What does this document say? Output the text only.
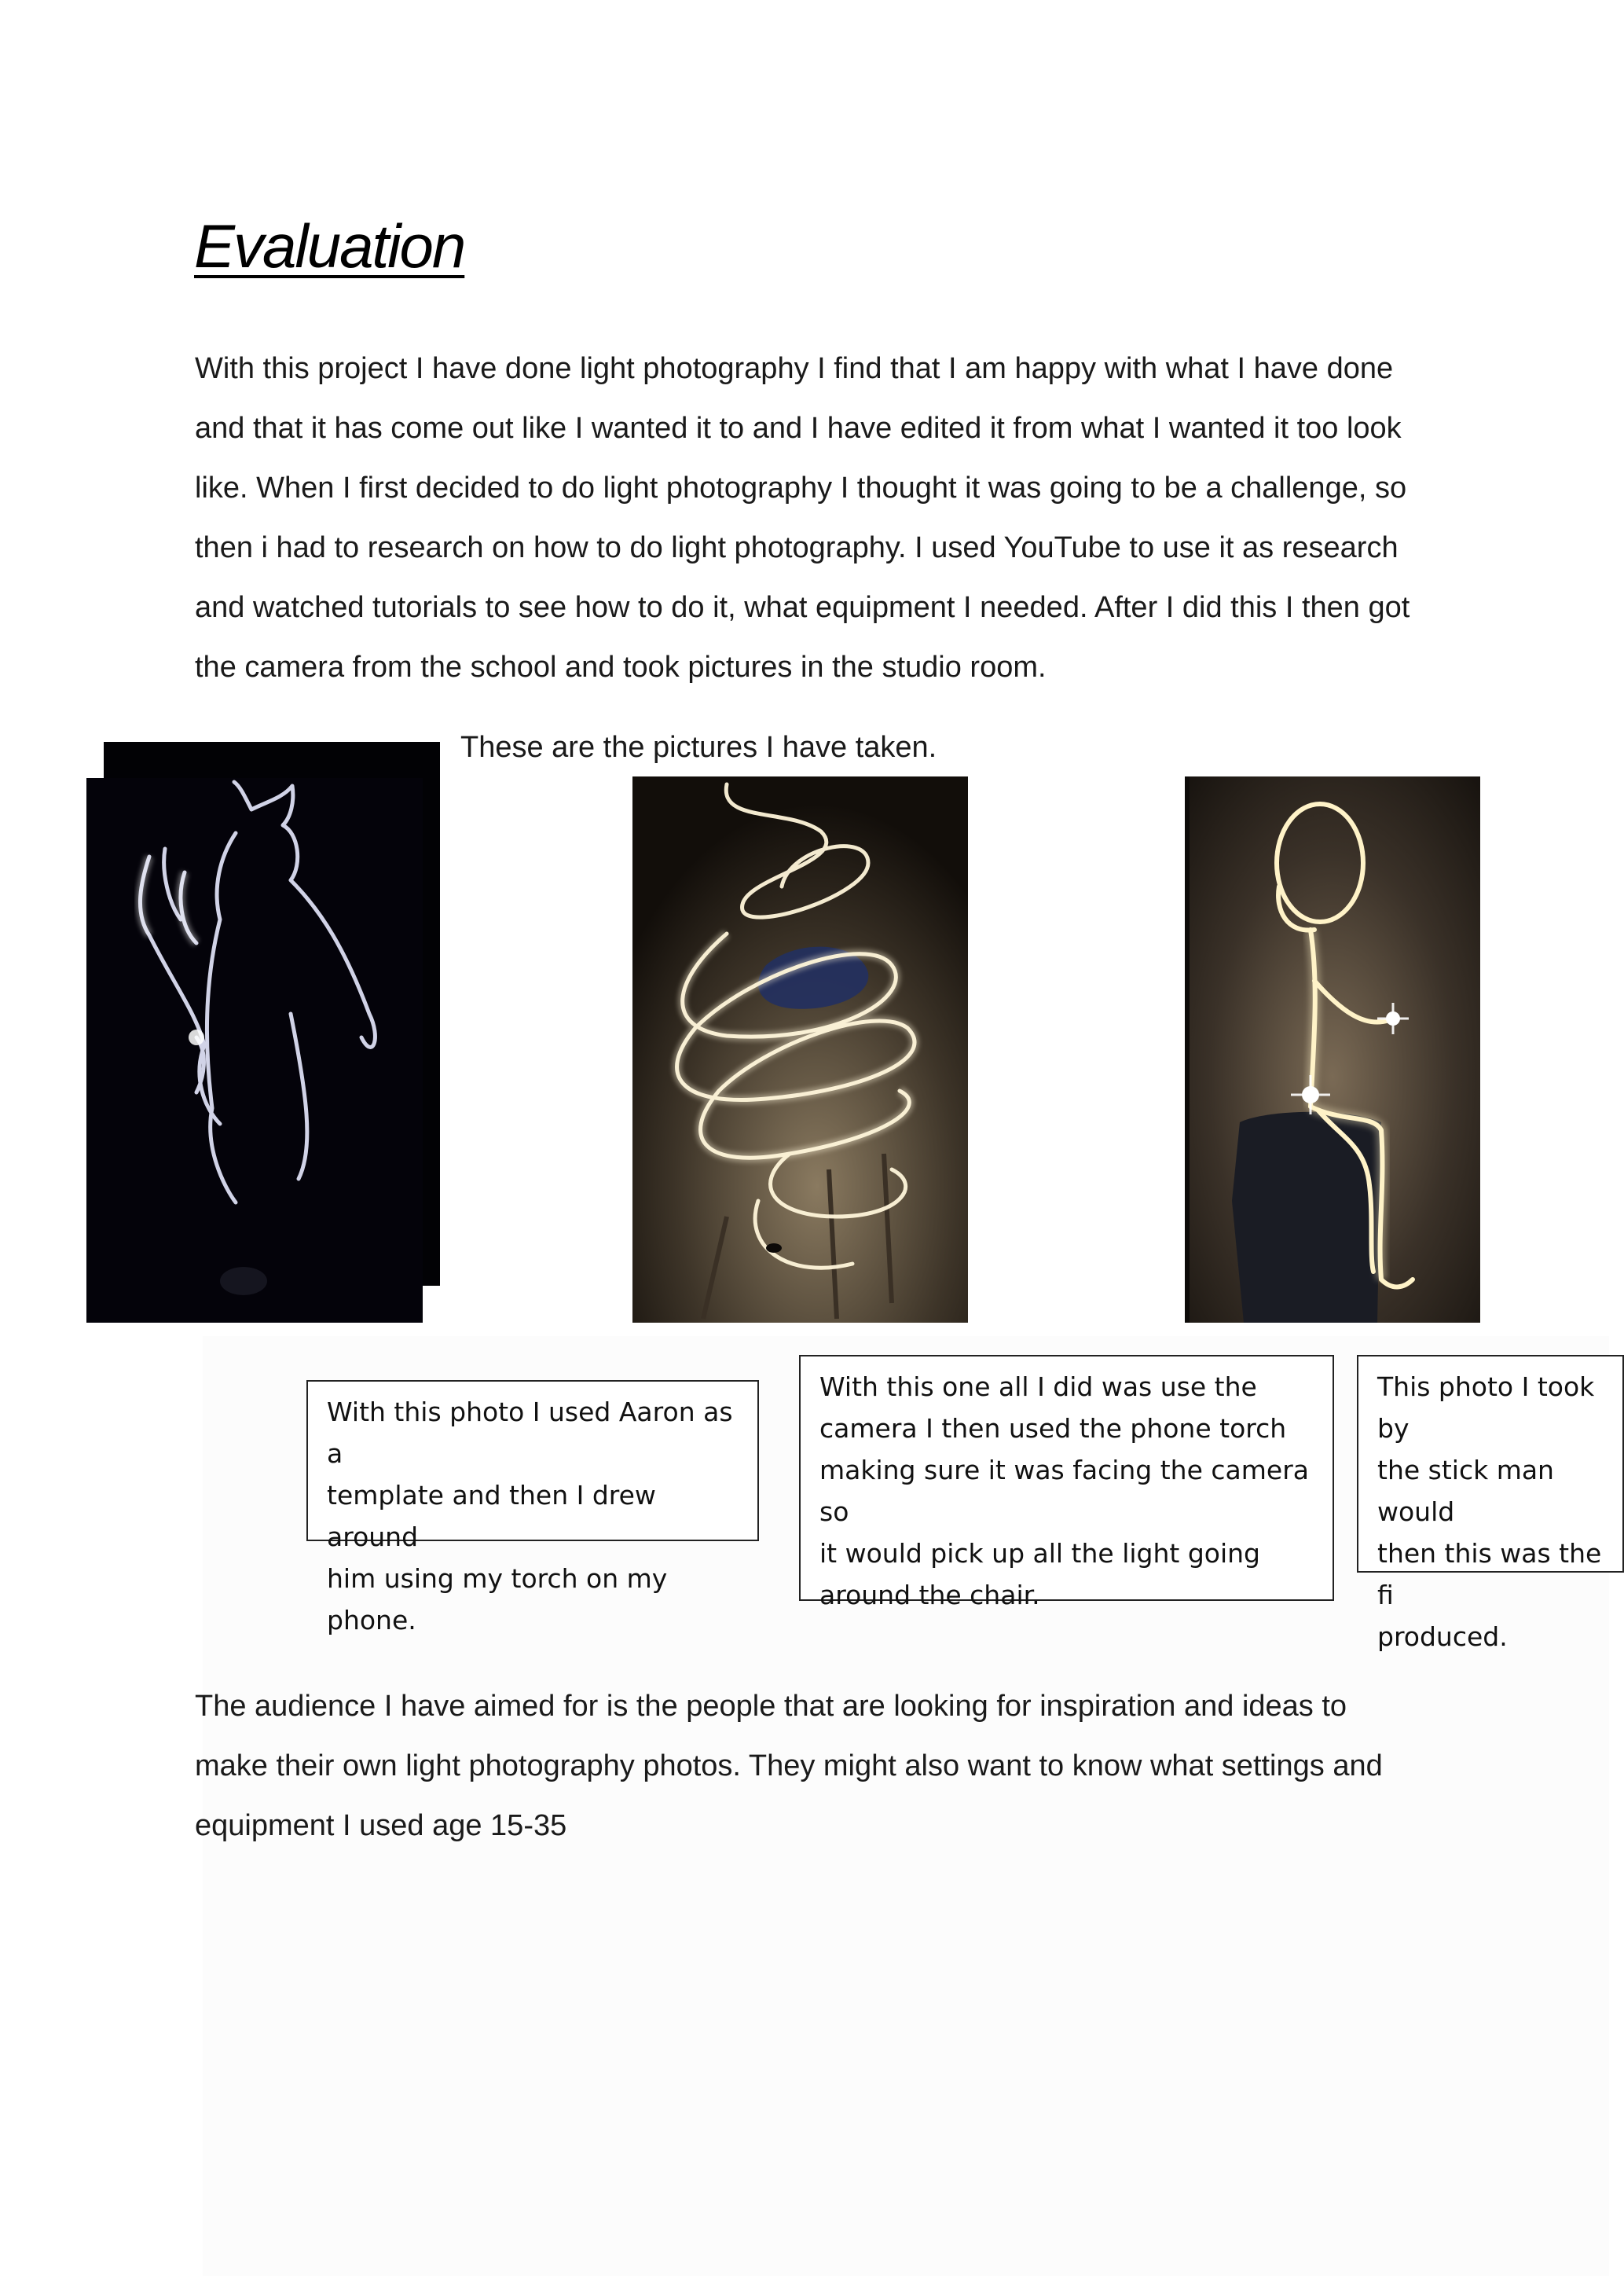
Evaluation

With this project I have done light photography I find that I am happy with what I have done

and that it has come out like I wanted it to and I have edited it from what I wanted it too look

like. When I first decided to do light photography I thought it was going to be a challenge, so

then i had to research on how to do light photography. I used YouTube to use it as research

and watched tutorials to see how to do it, what equipment I needed. After I did this I then got

the camera from the school and took pictures in the studio room.

These are the pictures I have taken.

With this photo I used Aaron as a
template and then I drew around
him using my torch on my phone.

With this one all I did was use the
camera I then used the phone torch
making sure it was facing the camera so
it would pick up all the light going
around the chair.

This photo I took by
the stick man would
then this was the fi
produced.

The audience I have aimed for is the people that are looking for inspiration and ideas to

make their own light photography photos. They might also want to know what settings and

equipment I used age 15-35
